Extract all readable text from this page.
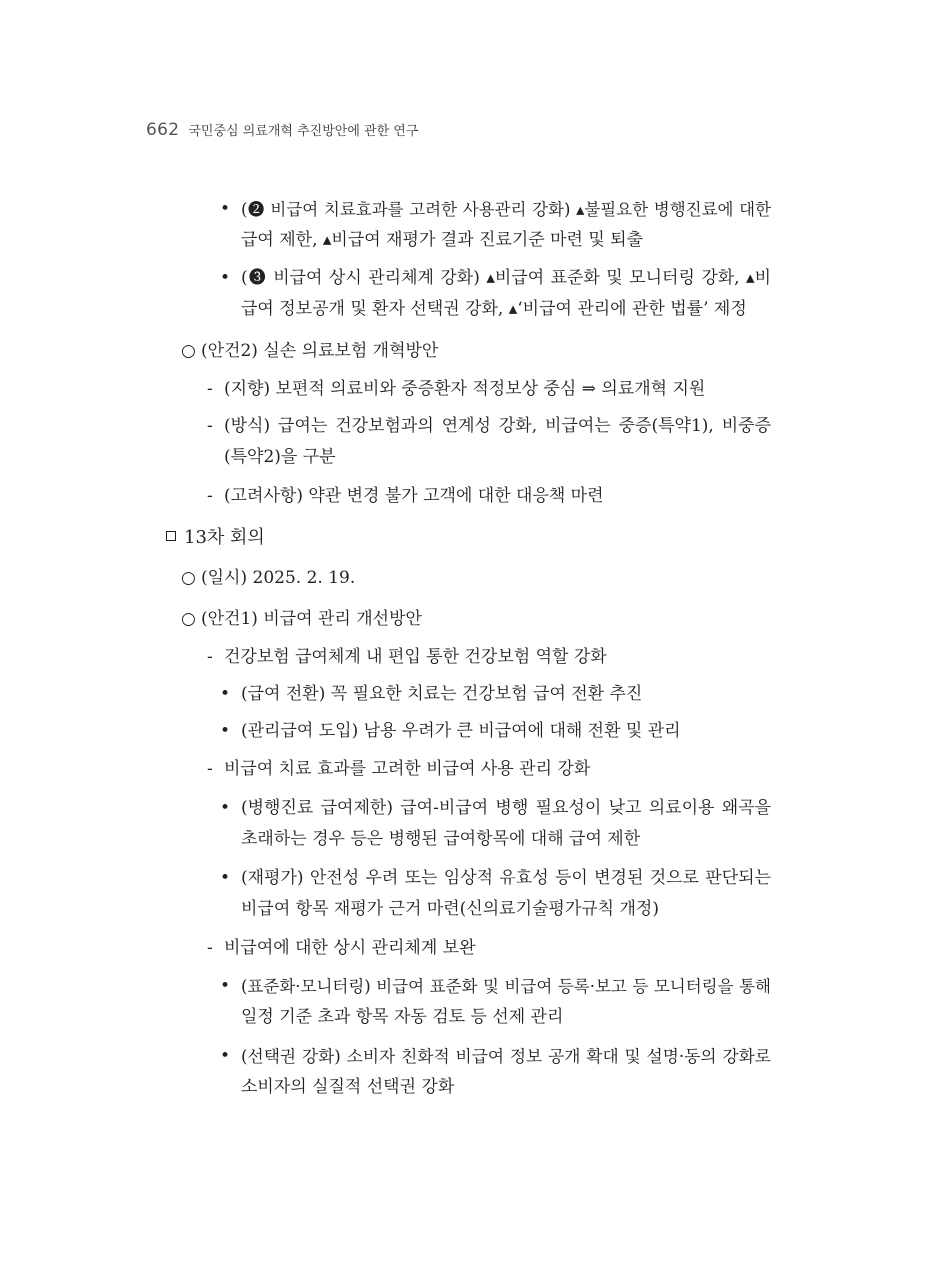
662 국민중심 의료개혁 추진방안에 관한 연구
• (❷ 비급여 치료효과를 고려한 사용관리 강화) ▴불필요한 병행진료에 대한
급여 제한, ▴비급여 재평가 결과 진료기준 마련 및 퇴출
• (❸ 비급여 상시 관리체계 강화) ▴비급여 표준화 및 모니터링 강화, ▴비
급여 정보공개 및 환자 선택권 강화, ▴‘비급여 관리에 관한 법률’ 제정
○ (안건2) 실손 의료보험 개혁방안
- (지향) 보편적 의료비와 중증환자 적정보상 중심 ⇒ 의료개혁 지원
- (방식) 급여는 건강보험과의 연계성 강화, 비급여는 중증(특약1), 비중증
(특약2)을 구분
- (고려사항) 약관 변경 불가 고객에 대한 대응책 마련
13차 회의
○ (일시) 2025. 2. 19.
○ (안건1) 비급여 관리 개선방안
- 건강보험 급여체계 내 편입 통한 건강보험 역할 강화
• (급여 전환) 꼭 필요한 치료는 건강보험 급여 전환 추진
• (관리급여 도입) 남용 우려가 큰 비급여에 대해 전환 및 관리
- 비급여 치료 효과를 고려한 비급여 사용 관리 강화
• (병행진료 급여제한) 급여-비급여 병행 필요성이 낮고 의료이용 왜곡을
초래하는 경우 등은 병행된 급여항목에 대해 급여 제한
• (재평가) 안전성 우려 또는 임상적 유효성 등이 변경된 것으로 판단되는
비급여 항목 재평가 근거 마련(신의료기술평가규칙 개정)
- 비급여에 대한 상시 관리체계 보완
• (표준화·모니터링) 비급여 표준화 및 비급여 등록·보고 등 모니터링을 통해
일정 기준 초과 항목 자동 검토 등 선제 관리
• (선택권 강화) 소비자 친화적 비급여 정보 공개 확대 및 설명·동의 강화로
소비자의 실질적 선택권 강화
